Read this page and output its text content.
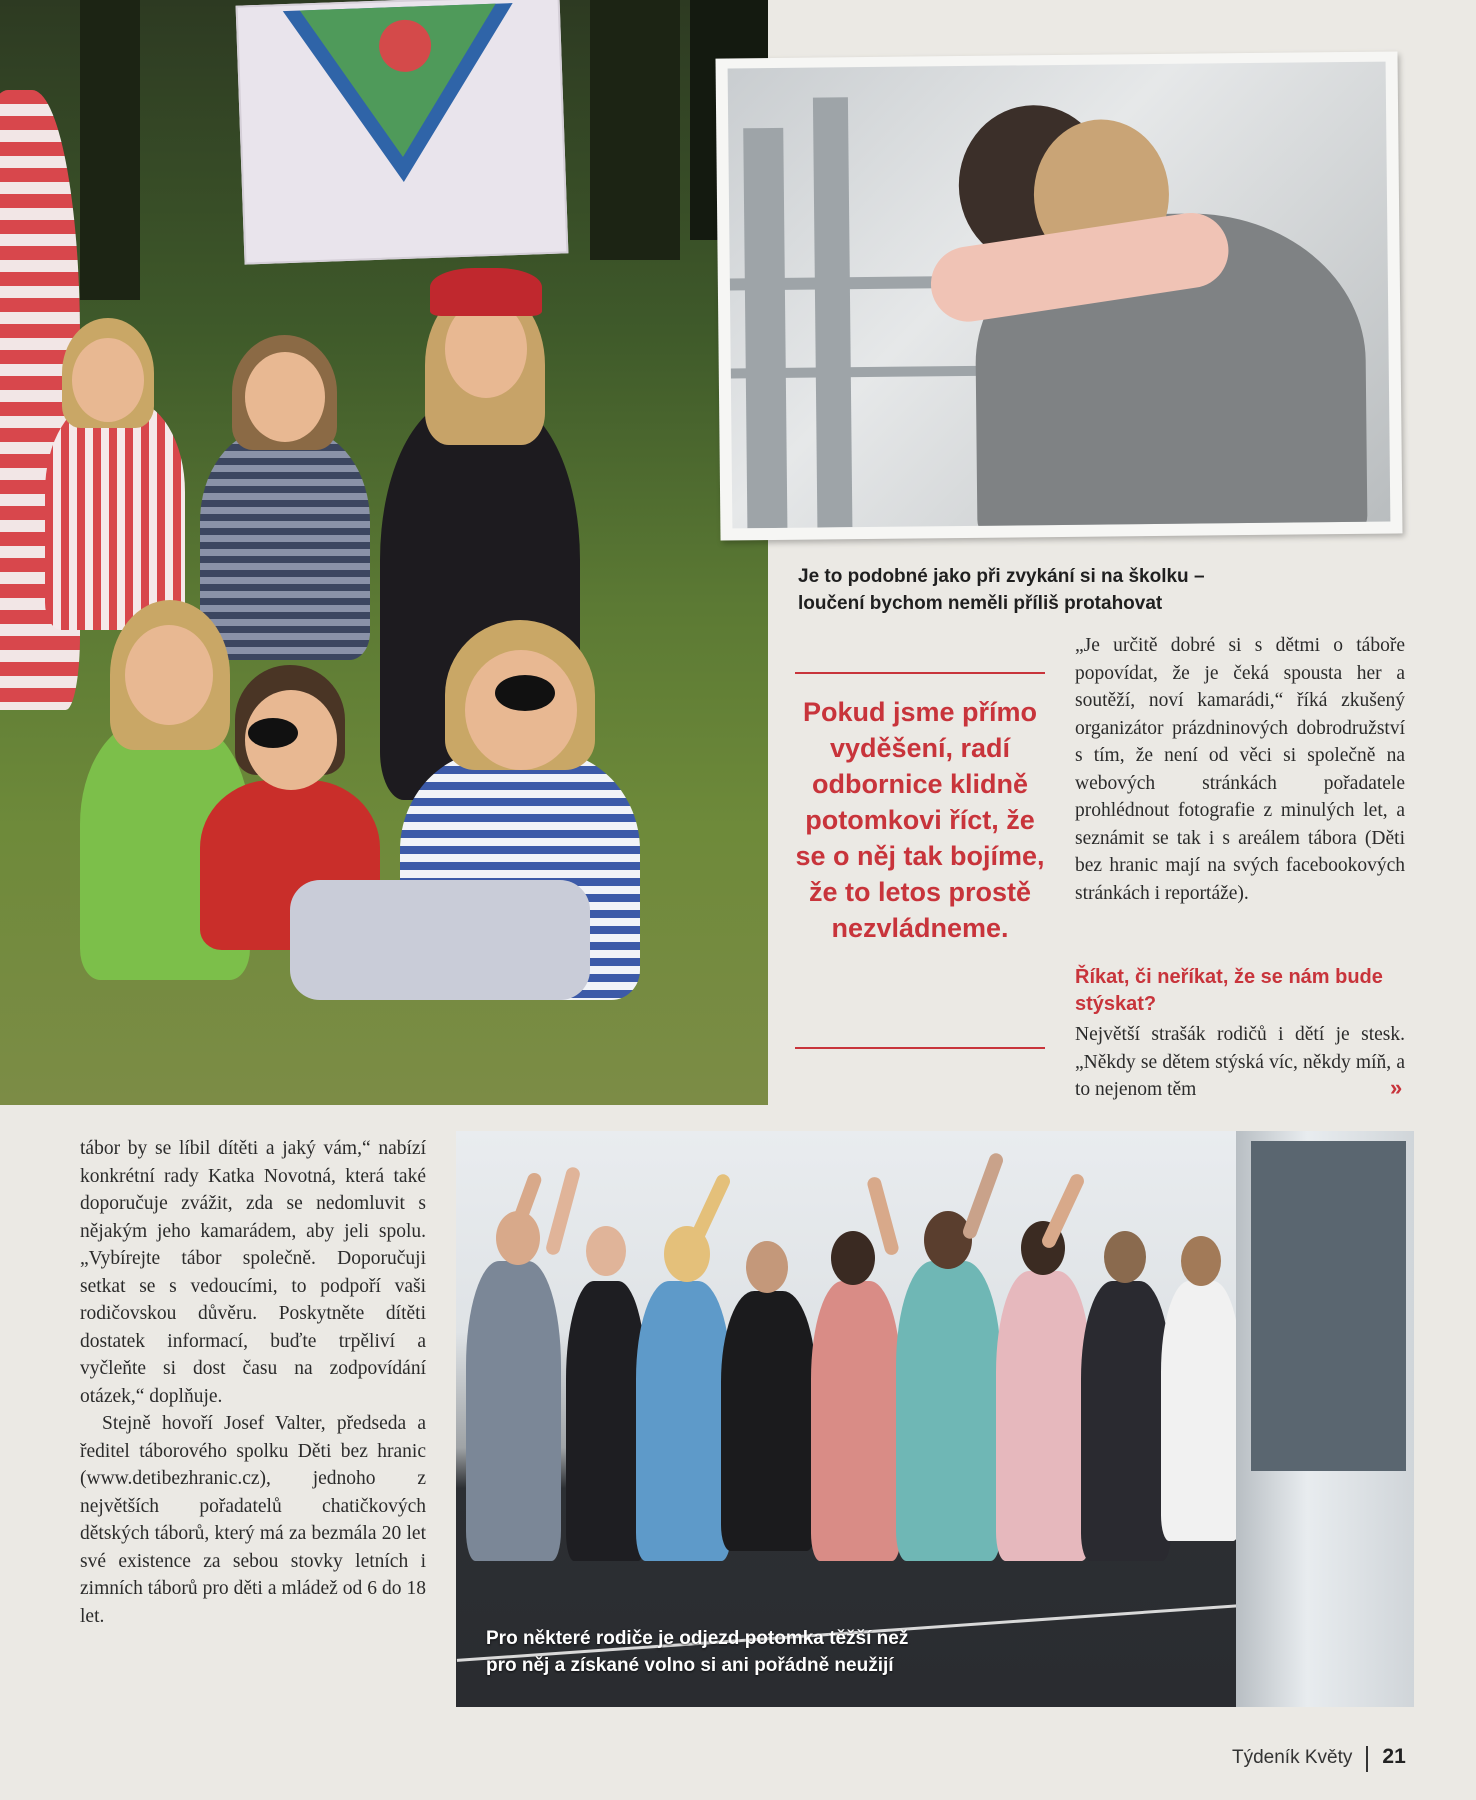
Je to podobné jako při zvykání si na školku –
loučení bychom neměli příliš protahovat
Pokud jsme přímo vyděšení, radí odbornice klidně potomkovi říct, že se o něj tak bojíme, že to letos prostě nezvládneme.
„Je určitě dobré si s dětmi o táboře popovídat, že je čeká spousta her a soutěží, noví kamarádi,“ říká zkušený organizátor prázdninových dobrodružství s tím, že není od věci si společně na webových stránkách pořadatele prohlédnout fotografie z minulých let, a seznámit se tak i s areálem tábora (Děti bez hranic mají na svých facebookových stránkách i reportáže).
Říkat, či neříkat, že se nám bude stýskat?
Největší strašák rodičů i dětí je stesk. „Někdy se dětem stýská víc, někdy míň, a to nejenom těm	»

tábor by se líbil dítěti a jaký vám,“ nabízí konkrétní rady Katka Novotná, která také doporučuje zvážit, zda se nedomluvit s nějakým jeho kamarádem, aby jeli spolu. „Vybírejte tábor společně. Doporučuji setkat se s vedoucími, to podpoří vaši rodičovskou důvěru. Poskytněte dítěti dostatek informací, buďte trpěliví a vyčleňte si dost času na zodpovídání otázek,“ doplňuje.

Stejně hovoří Josef Valter, předseda a ředitel táborového spolku Děti bez hranic (www.detibezhranic.cz), jednoho z největších pořadatelů chatičkových dětských táborů, který má za bezmála 20 let své existence za sebou stovky letních i zimních táborů pro děti a mládež od 6 do 18 let.

Pro některé rodiče je odjezd potomka těžší než
pro něj a získané volno si ani pořádně neužijí
Týdeník Květy 21
